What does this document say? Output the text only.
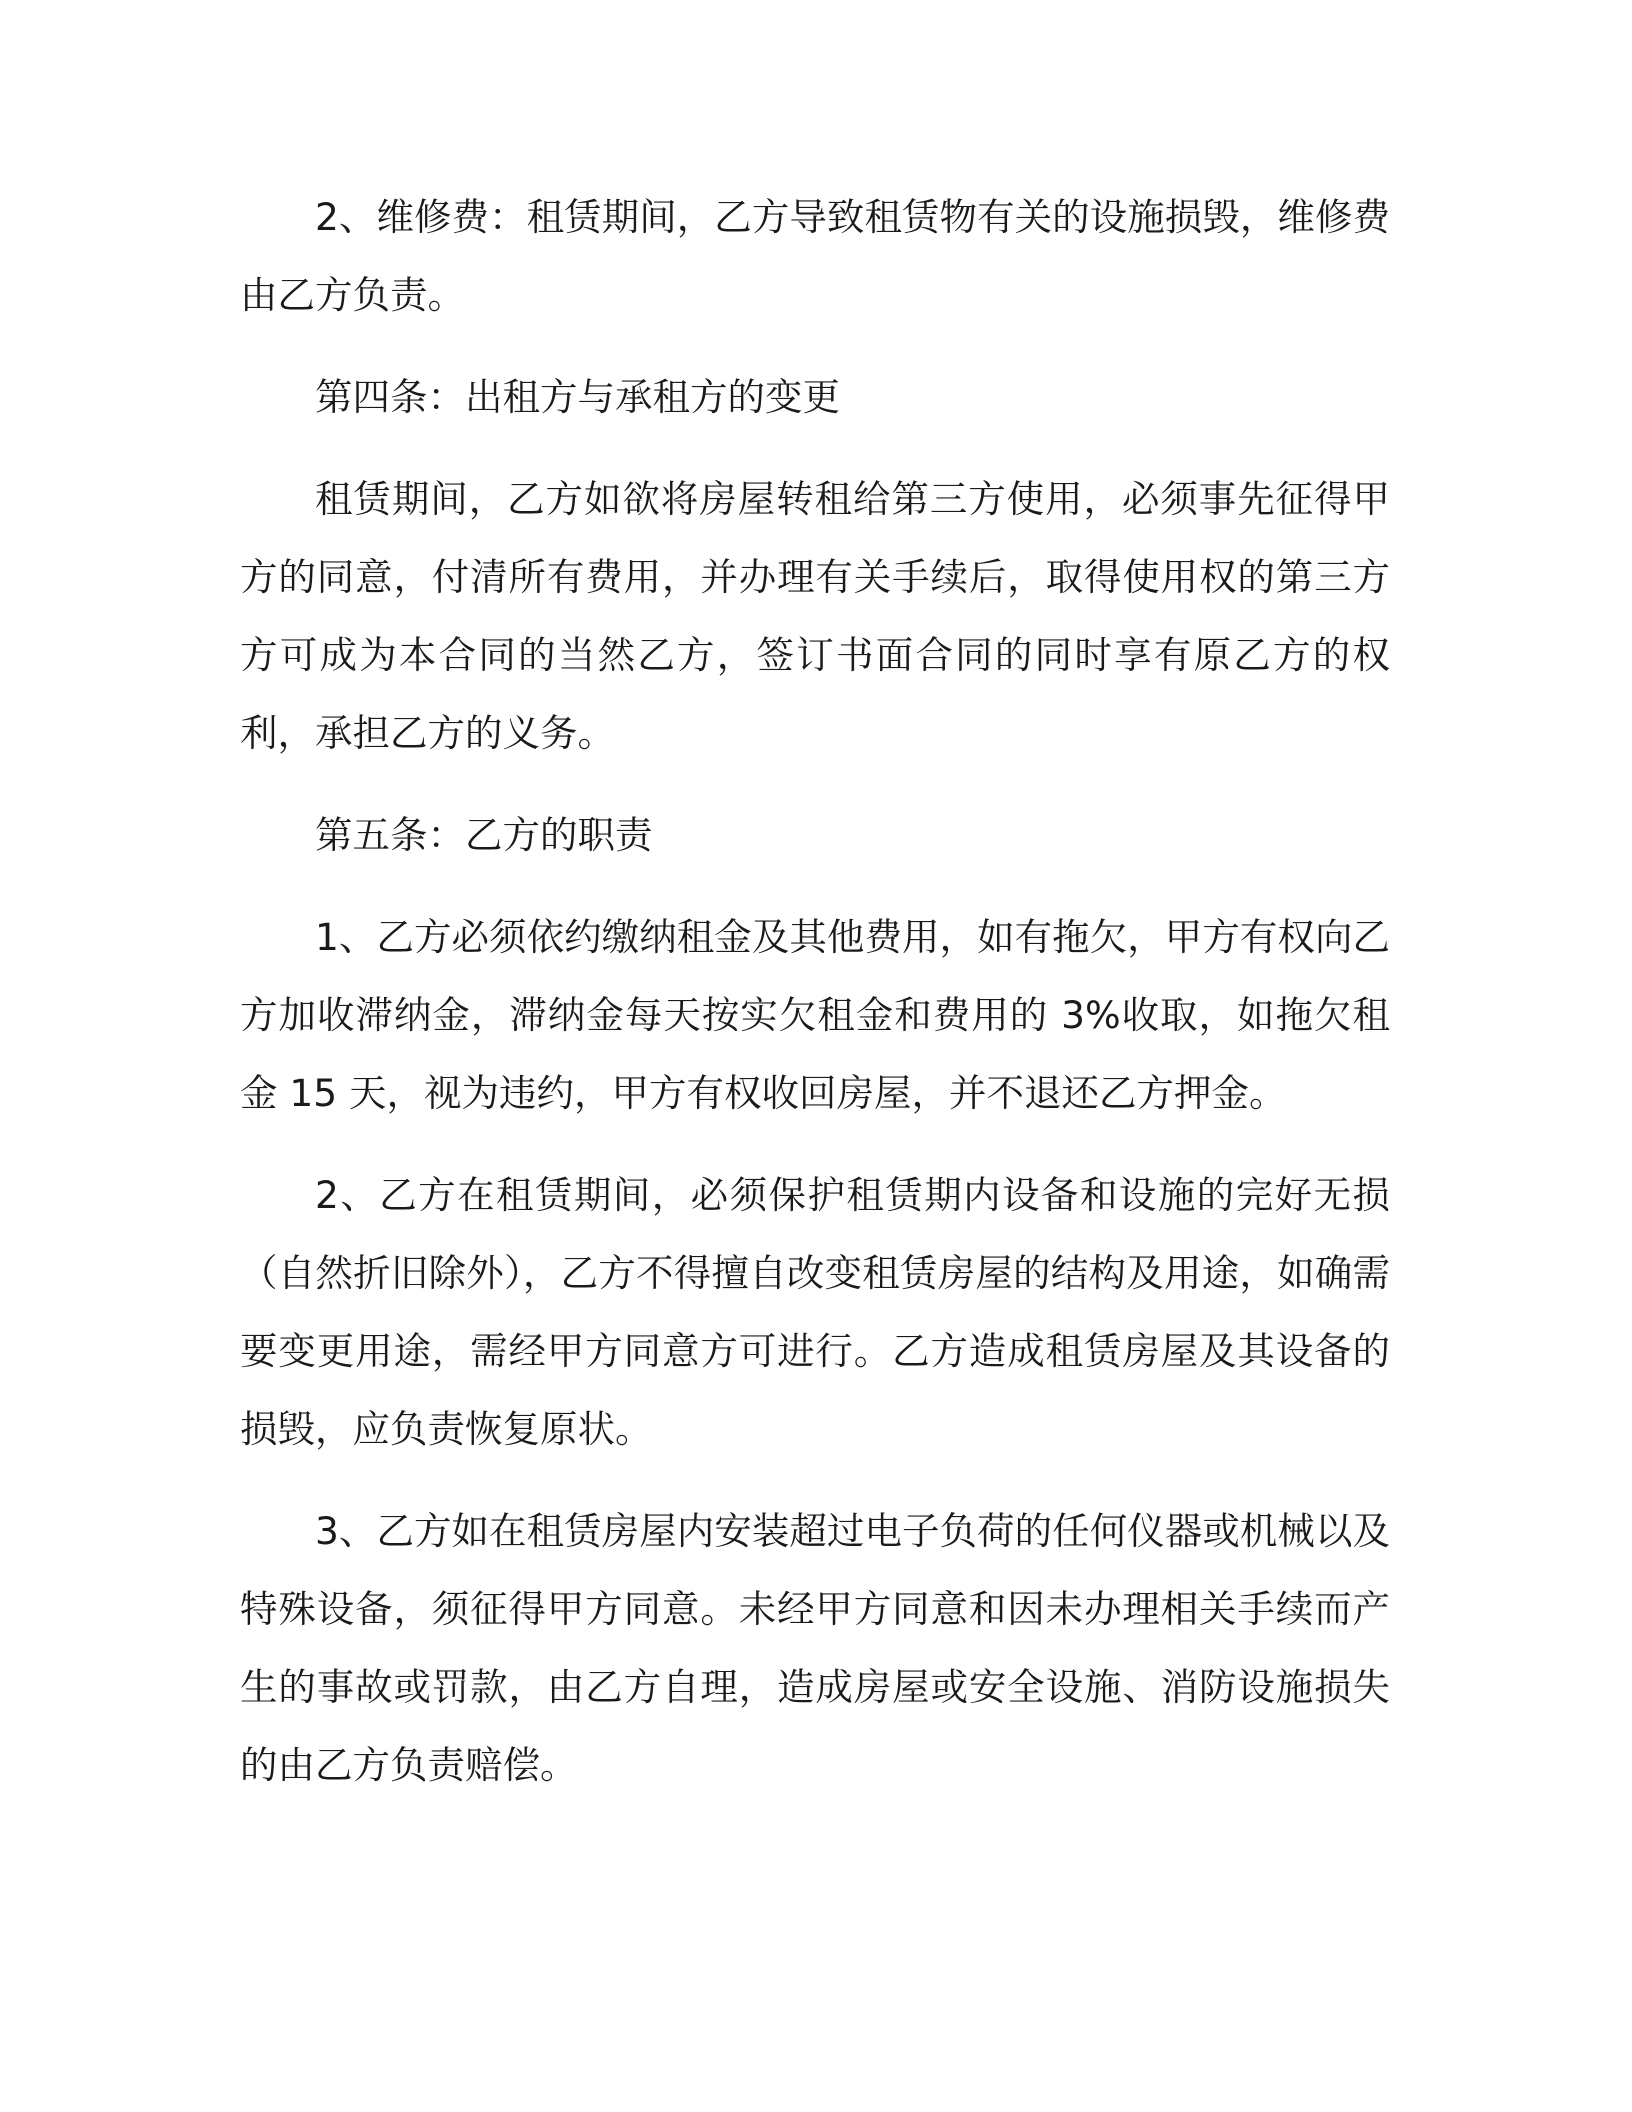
2、维修费：租赁期间，乙方导致租赁物有关的设施损毁，维修费由乙方负责。

第四条：出租方与承租方的变更

租赁期间，乙方如欲将房屋转租给第三方使用，必须事先征得甲方的同意，付清所有费用，并办理有关手续后，取得使用权的第三方方可成为本合同的当然乙方，签订书面合同的同时享有原乙方的权利，承担乙方的义务。

第五条：乙方的职责

1、乙方必须依约缴纳租金及其他费用，如有拖欠，甲方有权向乙方加收滞纳金，滞纳金每天按实欠租金和费用的 3%收取，如拖欠租金 15 天，视为违约，甲方有权收回房屋，并不退还乙方押金。

2、乙方在租赁期间，必须保护租赁期内设备和设施的完好无损（自然折旧除外），乙方不得擅自改变租赁房屋的结构及用途，如确需要变更用途，需经甲方同意方可进行。乙方造成租赁房屋及其设备的损毁，应负责恢复原状。

3、乙方如在租赁房屋内安装超过电子负荷的任何仪器或机械以及特殊设备，须征得甲方同意。未经甲方同意和因未办理相关手续而产生的事故或罚款，由乙方自理，造成房屋或安全设施、消防设施损失的由乙方负责赔偿。
